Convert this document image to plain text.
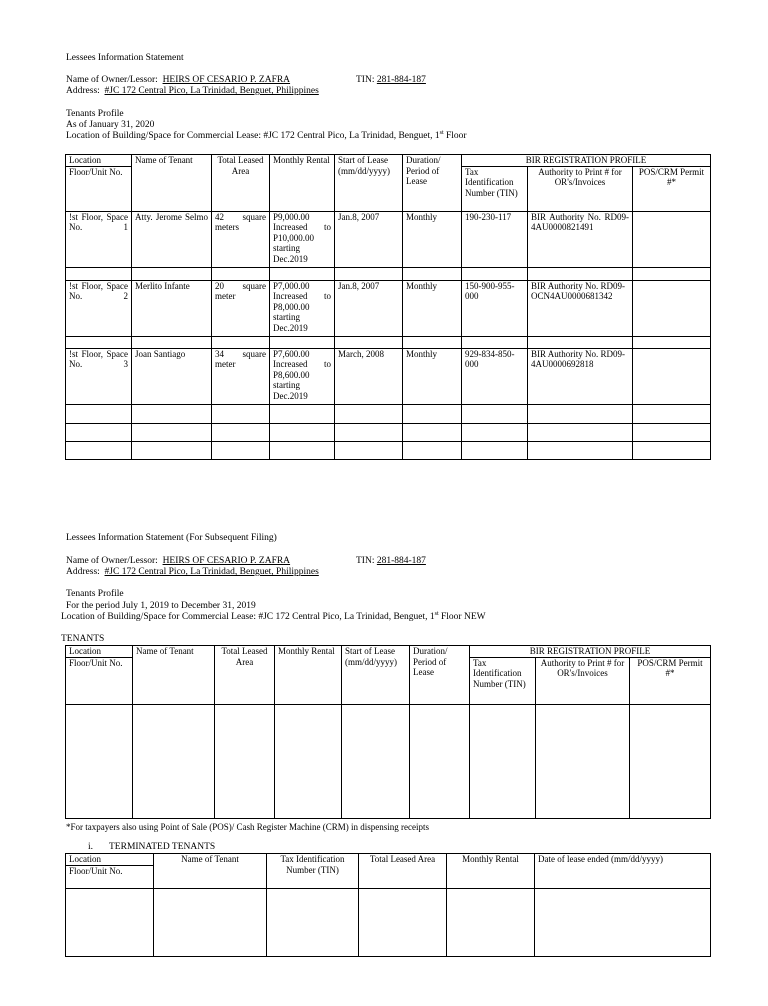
Lessees Information Statement
Name of Owner/Lessor: HEIRS OF CESARIO P. ZAFRA	TIN: 281-884-187
Address: #JC 172 Central Pico, La Trinidad, Benguet, Philippines
Tenants Profile
As of January 31, 2020
Location of Building/Space for Commercial Lease: #JC 172 Central Pico, La Trinidad, Benguet, 1st Floor
Location
Floor/Unit No.	Name of Tenant	Total Leased Area	Monthly Rental	Start of Lease (mm/dd/yyyy)	Duration/ Period of Lease	BIR REGISTRATION PROFILE		
						Tax Identification Number (TIN)	Authority to Print # for OR's/Invoices	POS/CRM Permit #*
!st Floor, Space No. 1	Atty. Jerome Selmo	42 square meters	P9,000.00 Increased to P10,000.00 starting Dec.2019	Jan.8, 2007	Monthly	190-230-117	BIR Authority No. RD09-4AU0000821491	

!st Floor, Space No. 2	Merlito Infante	20 square meter	P7,000.00 Increased to P8,000.00 starting Dec.2019	Jan.8, 2007	Monthly	150-900-955-000	BIR Authority No. RD09-OCN4AU0000681342	

!st Floor, Space No. 3	Joan Santiago	34 square meter	P7,600.00 Increased to P8,600.00 starting Dec.2019	March, 2008	Monthly	929-834-850-000	BIR Authority No. RD09-4AU0000692818	

Lessees Information Statement (For Subsequent Filing)
Name of Owner/Lessor: HEIRS OF CESARIO P. ZAFRA	TIN: 281-884-187
Address: #JC 172 Central Pico, La Trinidad, Benguet, Philippines
Tenants Profile
For the period July 1, 2019 to December 31, 2019
Location of Building/Space for Commercial Lease: #JC 172 Central Pico, La Trinidad, Benguet, 1st Floor NEW
TENANTS
Location
Floor/Unit No.	Name of Tenant	Total Leased Area	Monthly Rental	Start of Lease (mm/dd/yyyy)	Duration/ Period of Lease	BIR REGISTRATION PROFILE		
						Tax Identification Number (TIN)	Authority to Print # for OR's/Invoices	POS/CRM Permit #*

*For taxpayers also using Point of Sale (POS)/ Cash Register Machine (CRM) in dispensing receipts
i. TERMINATED TENANTS
Location
Floor/Unit No.	Name of Tenant	Tax Identification Number (TIN)	Total Leased Area	Monthly Rental	Date of lease ended (mm/dd/yyyy)
